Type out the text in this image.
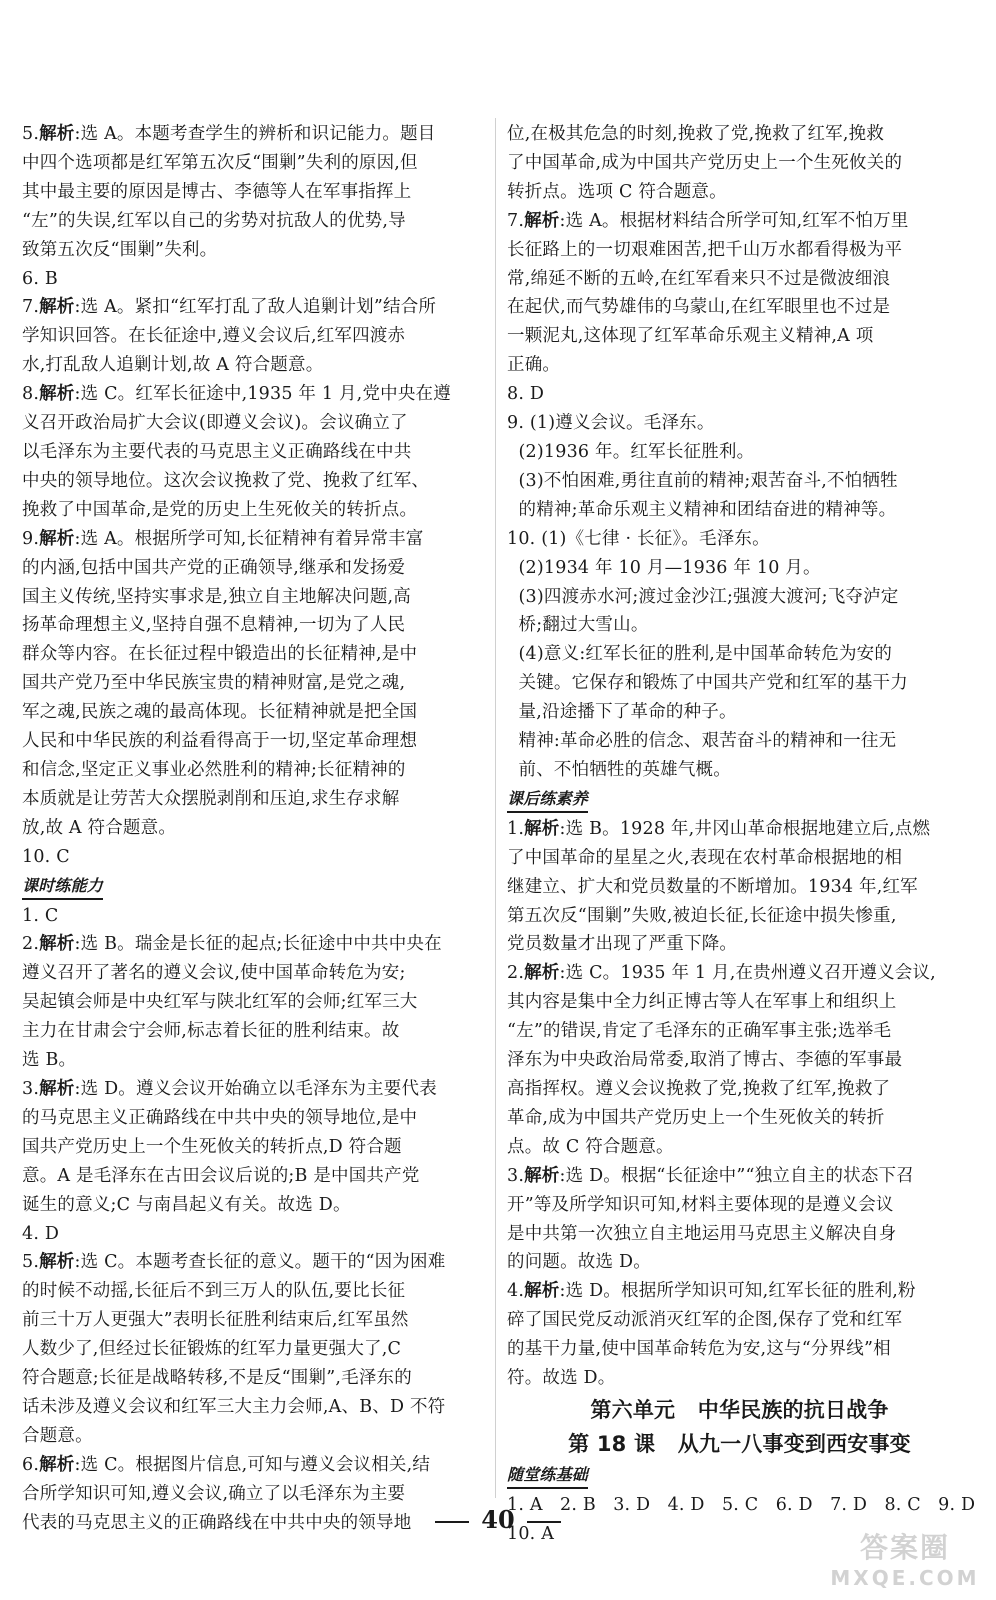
5.解析:选 A。本题考查学生的辨析和识记能力。题目
中四个选项都是红军第五次反“围剿”失利的原因,但
其中最主要的原因是博古、李德等人在军事指挥上
“左”的失误,红军以自己的劣势对抗敌人的优势,导
致第五次反“围剿”失利。
6. B
7.解析:选 A。紧扣“红军打乱了敌人追剿计划”结合所
学知识回答。在长征途中,遵义会议后,红军四渡赤
水,打乱敌人追剿计划,故 A 符合题意。
8.解析:选 C。红军长征途中,1935 年 1 月,党中央在遵
义召开政治局扩大会议(即遵义会议)。会议确立了
以毛泽东为主要代表的马克思主义正确路线在中共
中央的领导地位。这次会议挽救了党、挽救了红军、
挽救了中国革命,是党的历史上生死攸关的转折点。
9.解析:选 A。根据所学可知,长征精神有着异常丰富
的内涵,包括中国共产党的正确领导,继承和发扬爱
国主义传统,坚持实事求是,独立自主地解决问题,高
扬革命理想主义,坚持自强不息精神,一切为了人民
群众等内容。在长征过程中锻造出的长征精神,是中
国共产党乃至中华民族宝贵的精神财富,是党之魂,
军之魂,民族之魂的最高体现。长征精神就是把全国
人民和中华民族的利益看得高于一切,坚定革命理想
和信念,坚定正义事业必然胜利的精神;长征精神的
本质就是让劳苦大众摆脱剥削和压迫,求生存求解
放,故 A 符合题意。
10. C
课时练能力
1. C
2.解析:选 B。瑞金是长征的起点;长征途中中共中央在
遵义召开了著名的遵义会议,使中国革命转危为安;
吴起镇会师是中央红军与陕北红军的会师;红军三大
主力在甘肃会宁会师,标志着长征的胜利结束。故
选 B。
3.解析:选 D。遵义会议开始确立以毛泽东为主要代表
的马克思主义正确路线在中共中央的领导地位,是中
国共产党历史上一个生死攸关的转折点,D 符合题
意。A 是毛泽东在古田会议后说的;B 是中国共产党
诞生的意义;C 与南昌起义有关。故选 D。
4. D
5.解析:选 C。本题考查长征的意义。题干的“因为困难
的时候不动摇,长征后不到三万人的队伍,要比长征
前三十万人更强大”表明长征胜利结束后,红军虽然
人数少了,但经过长征锻炼的红军力量更强大了,C
符合题意;长征是战略转移,不是反“围剿”,毛泽东的
话未涉及遵义会议和红军三大主力会师,A、B、D 不符
合题意。
6.解析:选 C。根据图片信息,可知与遵义会议相关,结
合所学知识可知,遵义会议,确立了以毛泽东为主要
代表的马克思主义的正确路线在中共中央的领导地
位,在极其危急的时刻,挽救了党,挽救了红军,挽救
了中国革命,成为中国共产党历史上一个生死攸关的
转折点。选项 C 符合题意。
7.解析:选 A。根据材料结合所学可知,红军不怕万里
长征路上的一切艰难困苦,把千山万水都看得极为平
常,绵延不断的五岭,在红军看来只不过是微波细浪
在起伏,而气势雄伟的乌蒙山,在红军眼里也不过是
一颗泥丸,这体现了红军革命乐观主义精神,A 项
正确。
8. D
9. (1)遵义会议。毛泽东。
(2)1936 年。红军长征胜利。
(3)不怕困难,勇往直前的精神;艰苦奋斗,不怕牺牲
的精神;革命乐观主义精神和团结奋进的精神等。
10. (1)《七律 · 长征》。毛泽东。
(2)1934 年 10 月—1936 年 10 月。
(3)四渡赤水河;渡过金沙江;强渡大渡河;飞夺泸定
桥;翻过大雪山。
(4)意义:红军长征的胜利,是中国革命转危为安的
关键。它保存和锻炼了中国共产党和红军的基干力
量,沿途播下了革命的种子。
精神:革命必胜的信念、艰苦奋斗的精神和一往无
前、不怕牺牲的英雄气概。
课后练素养
1.解析:选 B。1928 年,井冈山革命根据地建立后,点燃
了中国革命的星星之火,表现在农村革命根据地的相
继建立、扩大和党员数量的不断增加。1934 年,红军
第五次反“围剿”失败,被迫长征,长征途中损失惨重,
党员数量才出现了严重下降。
2.解析:选 C。1935 年 1 月,在贵州遵义召开遵义会议,
其内容是集中全力纠正博古等人在军事上和组织上
“左”的错误,肯定了毛泽东的正确军事主张;选举毛
泽东为中央政治局常委,取消了博古、李德的军事最
高指挥权。遵义会议挽救了党,挽救了红军,挽救了
革命,成为中国共产党历史上一个生死攸关的转折
点。故 C 符合题意。
3.解析:选 D。根据“长征途中”“独立自主的状态下召
开”等及所学知识可知,材料主要体现的是遵义会议
是中共第一次独立自主地运用马克思主义解决自身
的问题。故选 D。
4.解析:选 D。根据所学知识可知,红军长征的胜利,粉
碎了国民党反动派消灭红军的企图,保存了党和红军
的基干力量,使中国革命转危为安,这与“分界线”相
符。故选 D。
第六单元   中华民族的抗日战争
第 18 课   从九一八事变到西安事变
随堂练基础
1. A   2. B   3. D   4. D   5. C   6. D   7. D   8. C   9. D
10. A
40
答案圈
MXQE.COM
